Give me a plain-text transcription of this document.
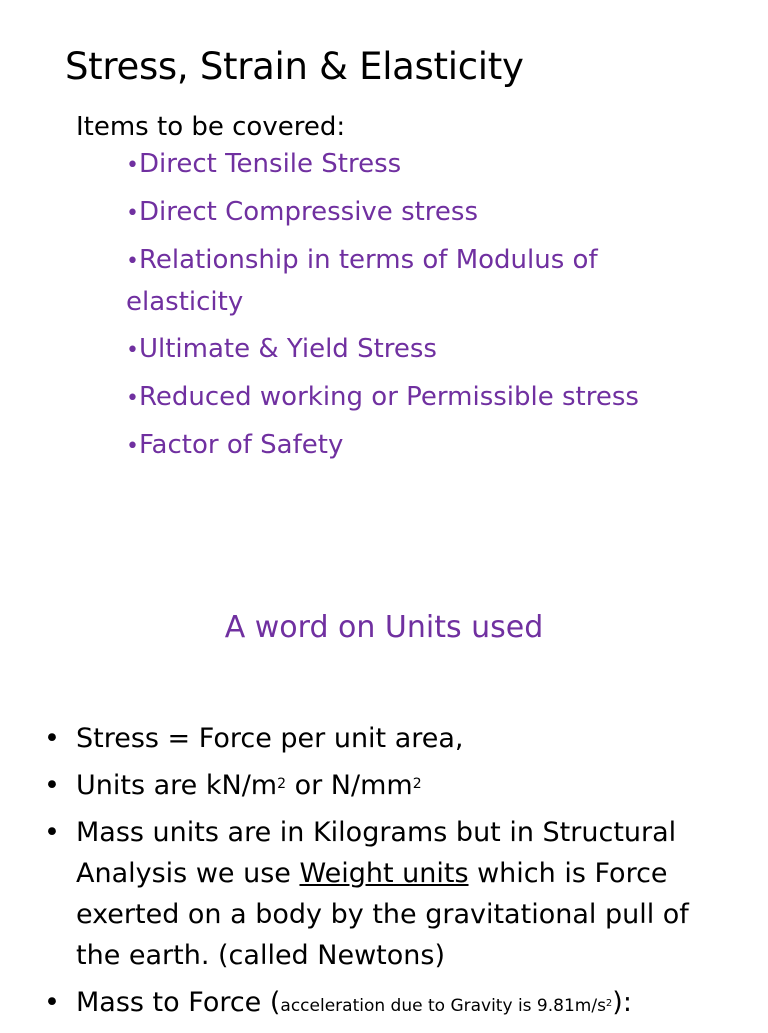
Stress, Strain & Elasticity
Items to be covered:
•Direct Tensile Stress
•Direct Compressive stress
•Relationship in terms of Modulus of elasticity
•Ultimate & Yield Stress
•Reduced working or Permissible stress
•Factor of Safety
A word on Units used
• Stress = Force per unit area,
• Units are $kN/m^2$ or $N/mm^2$
• Mass units are in Kilograms but in Structural Analysis we use Weight units which is Force exerted on a body by the gravitational pull of the earth. (called Newtons)
• Mass to Force (acceleration due to Gravity is $9.81m/s^2$):
